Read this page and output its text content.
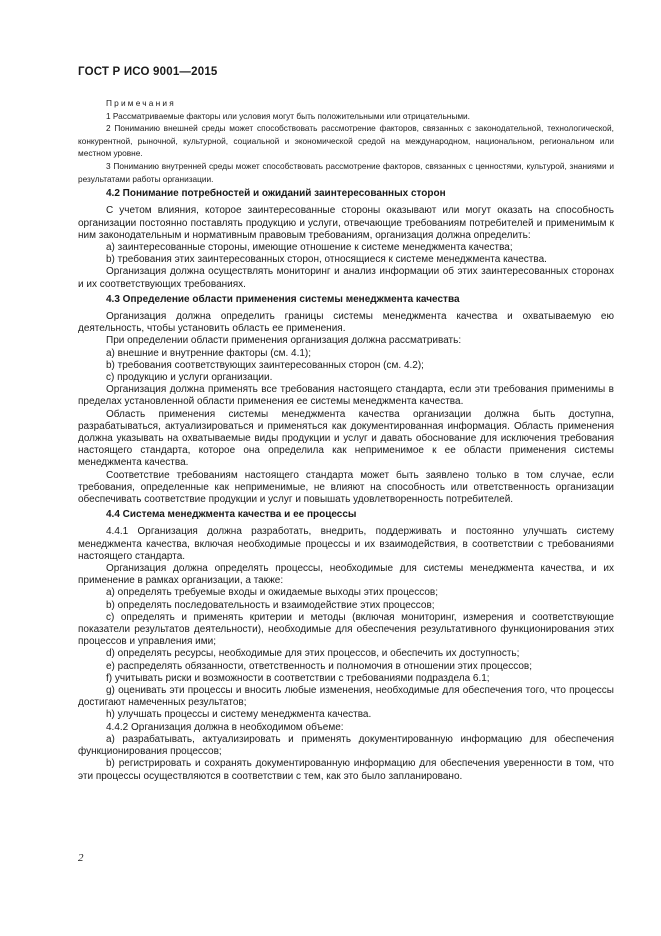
ГОСТ Р ИСО 9001—2015

Примечания

1 Рассматриваемые факторы или условия могут быть положительными или отрицательными.

2 Пониманию внешней среды может способствовать рассмотрение факторов, связанных с законодательной, технологической, конкурентной, рыночной, культурной, социальной и экономической средой на международном, национальном, региональном или местном уровне.

3 Пониманию внутренней среды может способствовать рассмотрение факторов, связанных с ценностями, культурой, знаниями и результатами работы организации.

4.2 Понимание потребностей и ожиданий заинтересованных сторон

С учетом влияния, которое заинтересованные стороны оказывают или могут оказать на способность организации постоянно поставлять продукцию и услуги, отвечающие требованиям потребителей и применимым к ним законодательным и нормативным правовым требованиям, организация должна определить:

a) заинтересованные стороны, имеющие отношение к системе менеджмента качества;

b) требования этих заинтересованных сторон, относящиеся к системе менеджмента качества.

Организация должна осуществлять мониторинг и анализ информации об этих заинтересованных сторонах и их соответствующих требованиях.

4.3 Определение области применения системы менеджмента качества

Организация должна определить границы системы менеджмента качества и охватываемую ею деятельность, чтобы установить область ее применения.

При определении области применения организация должна рассматривать:

a) внешние и внутренние факторы (см. 4.1);

b) требования соответствующих заинтересованных сторон (см. 4.2);

c) продукцию и услуги организации.

Организация должна применять все требования настоящего стандарта, если эти требования применимы в пределах установленной области применения ее системы менеджмента качества.

Область применения системы менеджмента качества организации должна быть доступна, разрабатываться, актуализироваться и применяться как документированная информация. Область применения должна указывать на охватываемые виды продукции и услуг и давать обоснование для исключения требования настоящего стандарта, которое она определила как неприменимое к ее области применения системы менеджмента качества.

Соответствие требованиям настоящего стандарта может быть заявлено только в том случае, если требования, определенные как неприменимые, не влияют на способность или ответственность организации обеспечивать соответствие продукции и услуг и повышать удовлетворенность потребителей.

4.4 Система менеджмента качества и ее процессы

4.4.1 Организация должна разработать, внедрить, поддерживать и постоянно улучшать систему менеджмента качества, включая необходимые процессы и их взаимодействия, в соответствии с требованиями настоящего стандарта.

Организация должна определять процессы, необходимые для системы менеджмента качества, и их применение в рамках организации, а также:

a) определять требуемые входы и ожидаемые выходы этих процессов;

b) определять последовательность и взаимодействие этих процессов;

c) определять и применять критерии и методы (включая мониторинг, измерения и соответствующие показатели результатов деятельности), необходимые для обеспечения результативного функционирования этих процессов и управления ими;

d) определять ресурсы, необходимые для этих процессов, и обеспечить их доступность;

e) распределять обязанности, ответственность и полномочия в отношении этих процессов;

f) учитывать риски и возможности в соответствии с требованиями подраздела 6.1;

g) оценивать эти процессы и вносить любые изменения, необходимые для обеспечения того, что процессы достигают намеченных результатов;

h) улучшать процессы и систему менеджмента качества.

4.4.2 Организация должна в необходимом объеме:

a) разрабатывать, актуализировать и применять документированную информацию для обеспечения функционирования процессов;

b) регистрировать и сохранять документированную информацию для обеспечения уверенности в том, что эти процессы осуществляются в соответствии с тем, как это было запланировано.

2
